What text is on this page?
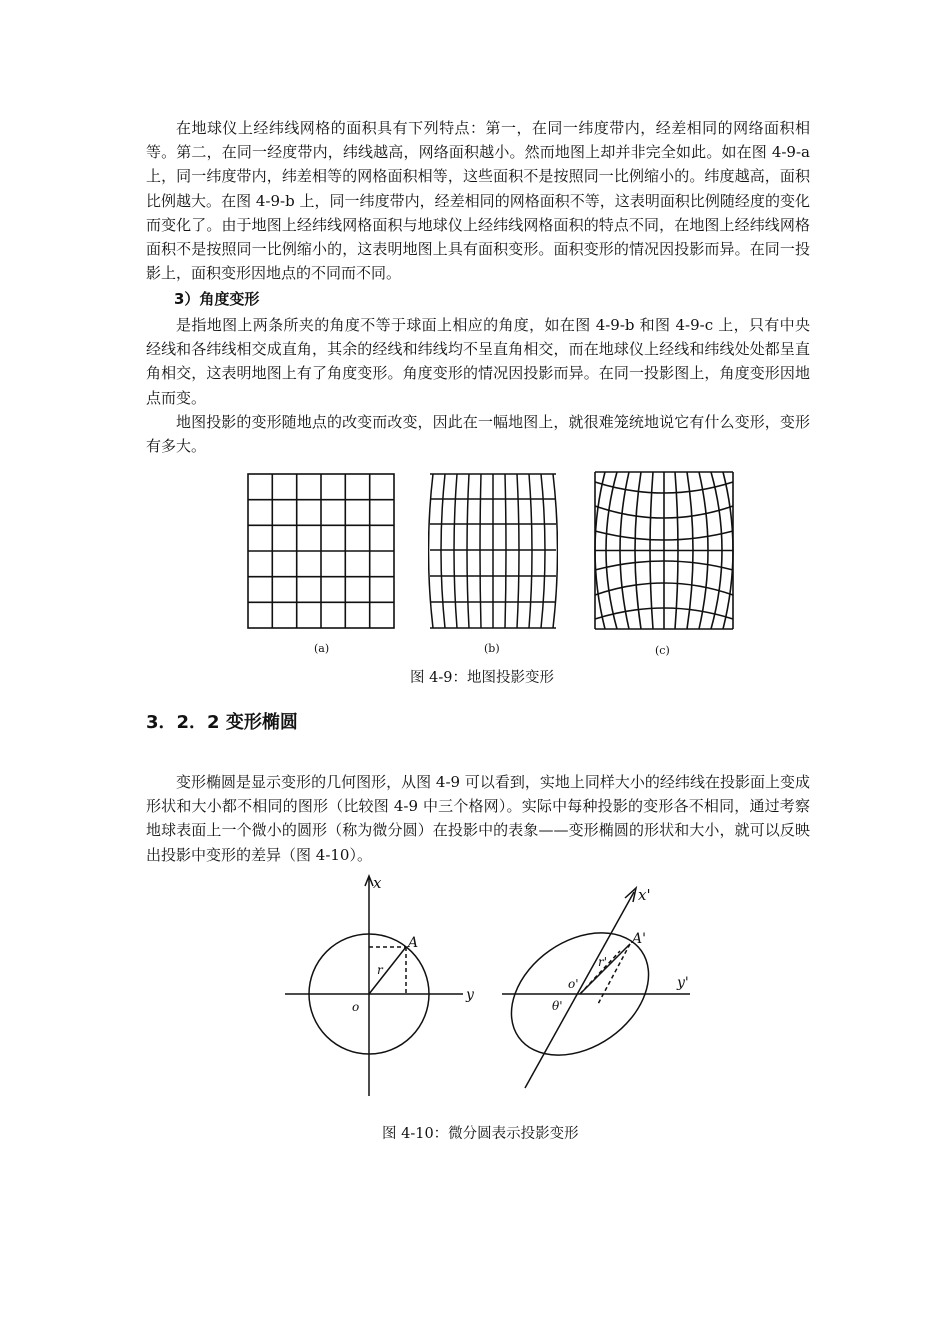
在地球仪上经纬线网格的面积具有下列特点：第一，在同一纬度带内，经差相同的网络面积相等。第二，在同一经度带内，纬线越高，网络面积越小。然而地图上却并非完全如此。如在图 4-9-a 上，同一纬度带内，纬差相等的网格面积相等，这些面积不是按照同一比例缩小的。纬度越高，面积比例越大。在图 4-9-b 上，同一纬度带内，经差相同的网格面积不等，这表明面积比例随经度的变化而变化了。由于地图上经纬线网格面积与地球仪上经纬线网格面积的特点不同，在地图上经纬线网格面积不是按照同一比例缩小的，这表明地图上具有面积变形。面积变形的情况因投影而异。在同一投影上，面积变形因地点的不同而不同。

3）角度变形

是指地图上两条所夹的角度不等于球面上相应的角度，如在图 4-9-b 和图 4-9-c 上，只有中央经线和各纬线相交成直角，其余的经线和纬线均不呈直角相交，而在地球仪上经线和纬线处处都呈直角相交，这表明地图上有了角度变形。角度变形的情况因投影而异。在同一投影图上，角度变形因地点而变。

地图投影的变形随地点的改变而改变，因此在一幅地图上，就很难笼统地说它有什么变形，变形有多大。

(a)	(b)	(c)

图 4-9：地图投影变形

3．2．2 变形椭圆

变形椭圆是显示变形的几何图形，从图 4-9 可以看到，实地上同样大小的经纬线在投影面上变成形状和大小都不相同的图形（比较图 4-9 中三个格网）。实际中每种投影的变形各不相同，通过考察地球表面上一个微小的圆形（称为微分圆）在投影中的表象——变形椭圆的形状和大小，就可以反映出投影中变形的差异（图 4-10）。

x
y
o
A
r
x'
y'
o'
θ'
A'
r'

图 4-10：微分圆表示投影变形
